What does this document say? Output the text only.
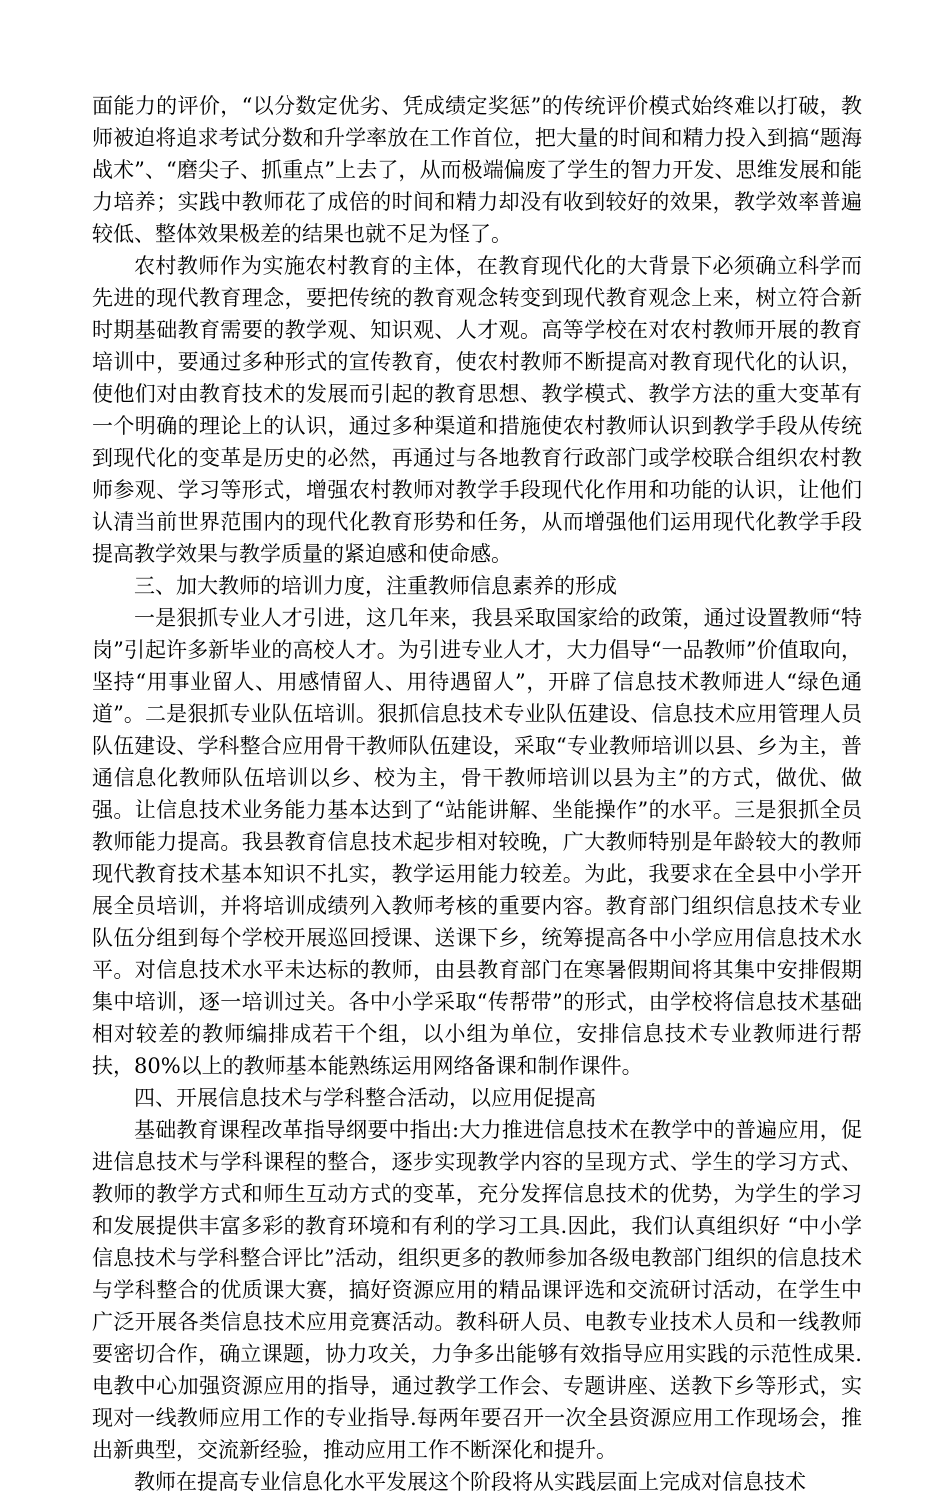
面能力的评价，“以分数定优劣、凭成绩定奖惩”的传统评价模式始终难以打破，教师被迫将追求考试分数和升学率放在工作首位，把大量的时间和精力投入到搞“题海战术”、“磨尖子、抓重点”上去了，从而极端偏废了学生的智力开发、思维发展和能力培养；实践中教师花了成倍的时间和精力却没有收到较好的效果，教学效率普遍较低、整体效果极差的结果也就不足为怪了。

农村教师作为实施农村教育的主体，在教育现代化的大背景下必须确立科学而先进的现代教育理念，要把传统的教育观念转变到现代教育观念上来，树立符合新时期基础教育需要的教学观、知识观、人才观。高等学校在对农村教师开展的教育培训中，要通过多种形式的宣传教育，使农村教师不断提高对教育现代化的认识，使他们对由教育技术的发展而引起的教育思想、教学模式、教学方法的重大变革有一个明确的理论上的认识，通过多种渠道和措施使农村教师认识到教学手段从传统到现代化的变革是历史的必然，再通过与各地教育行政部门或学校联合组织农村教师参观、学习等形式，增强农村教师对教学手段现代化作用和功能的认识，让他们认清当前世界范围内的现代化教育形势和任务，从而增强他们运用现代化教学手段提高教学效果与教学质量的紧迫感和使命感。

三、加大教师的培训力度，注重教师信息素养的形成

一是狠抓专业人才引进，这几年来，我县采取国家给的政策，通过设置教师“特岗”引起许多新毕业的高校人才。为引进专业人才，大力倡导“一品教师”价值取向，坚持“用事业留人、用感情留人、用待遇留人”，开辟了信息技术教师进人“绿色通道”。二是狠抓专业队伍培训。狠抓信息技术专业队伍建设、信息技术应用管理人员队伍建设、学科整合应用骨干教师队伍建设，采取“专业教师培训以县、乡为主，普通信息化教师队伍培训以乡、校为主，骨干教师培训以县为主”的方式，做优、做强。让信息技术业务能力基本达到了“站能讲解、坐能操作”的水平。三是狠抓全员教师能力提高。我县教育信息技术起步相对较晚，广大教师特别是年龄较大的教师现代教育技术基本知识不扎实，教学运用能力较差。为此，我要求在全县中小学开展全员培训，并将培训成绩列入教师考核的重要内容。教育部门组织信息技术专业队伍分组到每个学校开展巡回授课、送课下乡，统筹提高各中小学应用信息技术水平。对信息技术水平未达标的教师，由县教育部门在寒暑假期间将其集中安排假期集中培训，逐一培训过关。各中小学采取“传帮带”的形式，由学校将信息技术基础相对较差的教师编排成若干个组，以小组为单位，安排信息技术专业教师进行帮扶，80%以上的教师基本能熟练运用网络备课和制作课件。

四、开展信息技术与学科整合活动，以应用促提高

基础教育课程改革指导纲要中指出:大力推进信息技术在教学中的普遍应用，促进信息技术与学科课程的整合，逐步实现教学内容的呈现方式、学生的学习方式、教师的教学方式和师生互动方式的变革，充分发挥信息技术的优势，为学生的学习和发展提供丰富多彩的教育环境和有利的学习工具.因此，我们认真组织好 “中小学信息技术与学科整合评比”活动，组织更多的教师参加各级电教部门组织的信息技术与学科整合的优质课大赛，搞好资源应用的精品课评选和交流研讨活动，在学生中广泛开展各类信息技术应用竞赛活动。教科研人员、电教专业技术人员和一线教师要密切合作，确立课题，协力攻关，力争多出能够有效指导应用实践的示范性成果.电教中心加强资源应用的指导，通过教学工作会、专题讲座、送教下乡等形式，实现对一线教师应用工作的专业指导.每两年要召开一次全县资源应用工作现场会，推出新典型，交流新经验，推动应用工作不断深化和提升。

教师在提高专业信息化水平发展这个阶段将从实践层面上完成对信息技术
